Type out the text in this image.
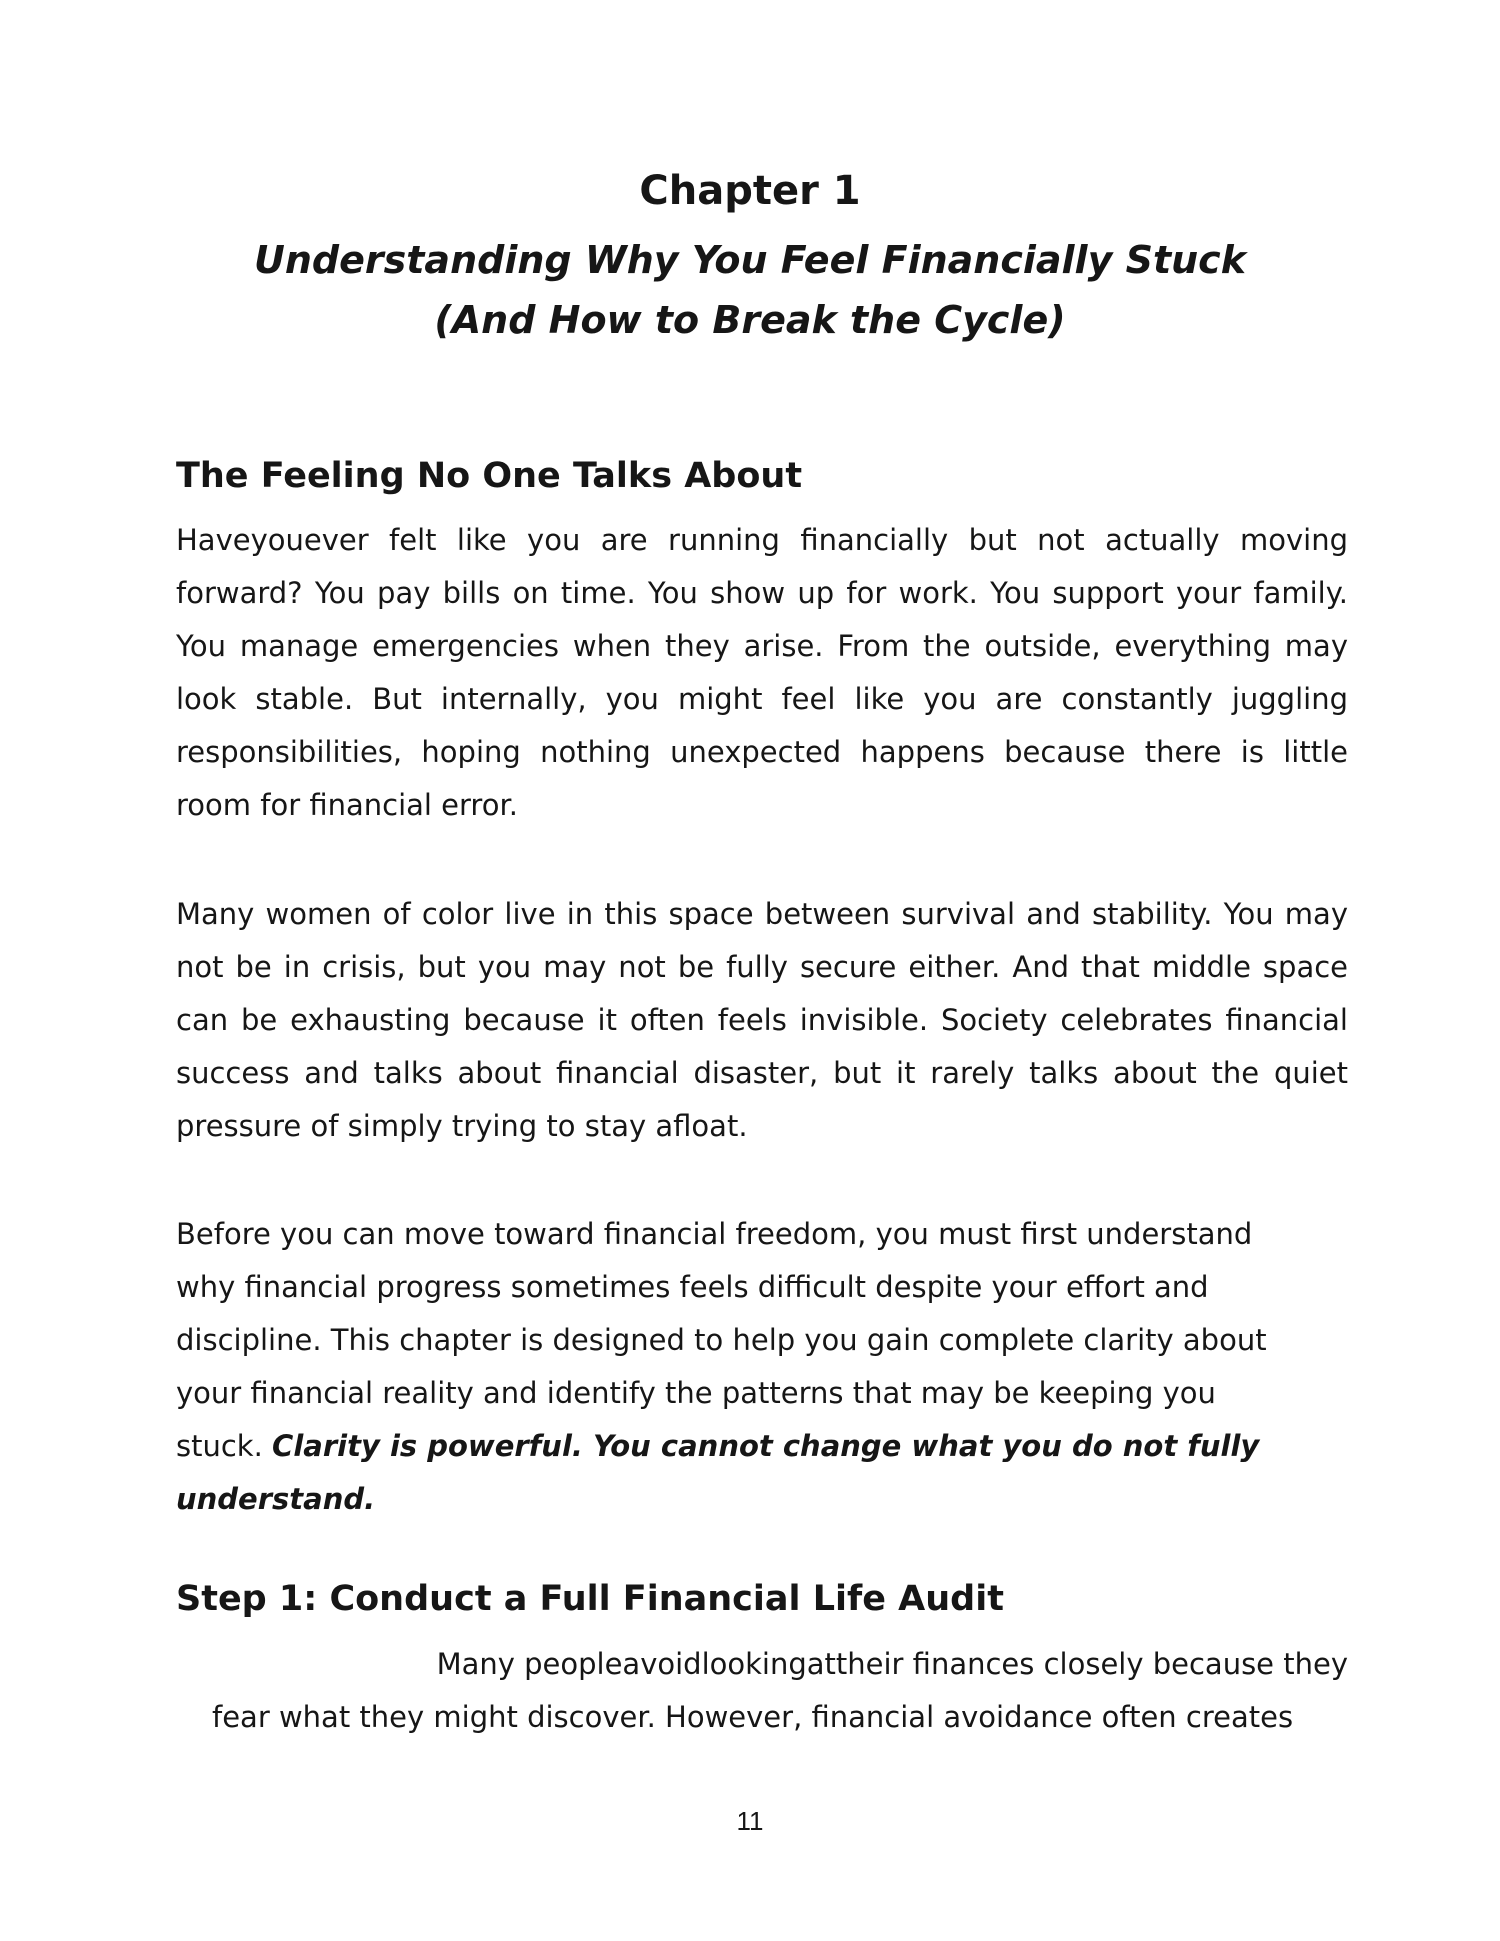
Chapter 1
Understanding Why You Feel Financially Stuck
(And How to Break the Cycle)
The Feeling No One Talks About

Haveyouever felt like you are running financially but not actually moving forward? You pay bills on time. You show up for work. You support your family. You manage emergencies when they arise. From the outside, everything may look stable. But internally, you might feel like you are constantly juggling responsibilities, hoping nothing unexpected happens because there is little room for financial error.

Many women of color live in this space between survival and stability. You may not be in crisis, but you may not be fully secure either. And that middle space can be exhausting because it often feels invisible. Society celebrates financial success and talks about financial disaster, but it rarely talks about the quiet pressure of simply trying to stay afloat.

Before you can move toward financial freedom, you must first understand why financial progress sometimes feels difficult despite your effort and discipline. This chapter is designed to help you gain complete clarity about your financial reality and identify the patterns that may be keeping you stuck. Clarity is powerful. You cannot change what you do not fully understand.

Step 1: Conduct a Full Financial Life Audit

Many peopleavoidlookingattheir finances closely because they

fear what they might discover. However, financial avoidance often creates

11
